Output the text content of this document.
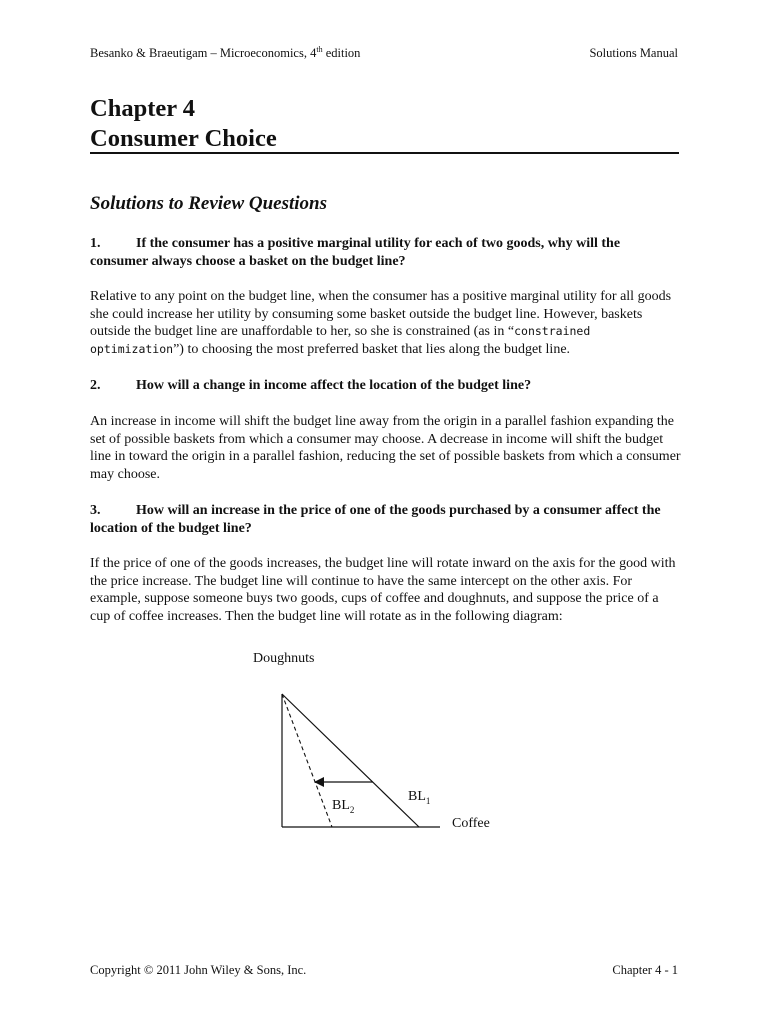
Besanko & Braeutigam – Microeconomics, 4th edition	Solutions Manual
Chapter 4
Consumer Choice
Solutions to Review Questions
1.	If the consumer has a positive marginal utility for each of two goods, why will the consumer always choose a basket on the budget line?
Relative to any point on the budget line, when the consumer has a positive marginal utility for all goods she could increase her utility by consuming some basket outside the budget line. However, baskets outside the budget line are unaffordable to her, so she is constrained (as in “constrained optimization”) to choosing the most preferred basket that lies along the budget line.
2.	How will a change in income affect the location of the budget line?
An increase in income will shift the budget line away from the origin in a parallel fashion expanding the set of possible baskets from which a consumer may choose. A decrease in income will shift the budget line in toward the origin in a parallel fashion, reducing the set of possible baskets from which a consumer may choose.
3.	How will an increase in the price of one of the goods purchased by a consumer affect the location of the budget line?
If the price of one of the goods increases, the budget line will rotate inward on the axis for the good with the price increase. The budget line will continue to have the same intercept on the other axis. For example, suppose someone buys two goods, cups of coffee and doughnuts, and suppose the price of a cup of coffee increases. Then the budget line will rotate as in the following diagram:
Doughnuts
Coffee
$BL_1$
$BL_2$
Copyright © 2011 John Wiley & Sons, Inc.	Chapter 4 - 1
